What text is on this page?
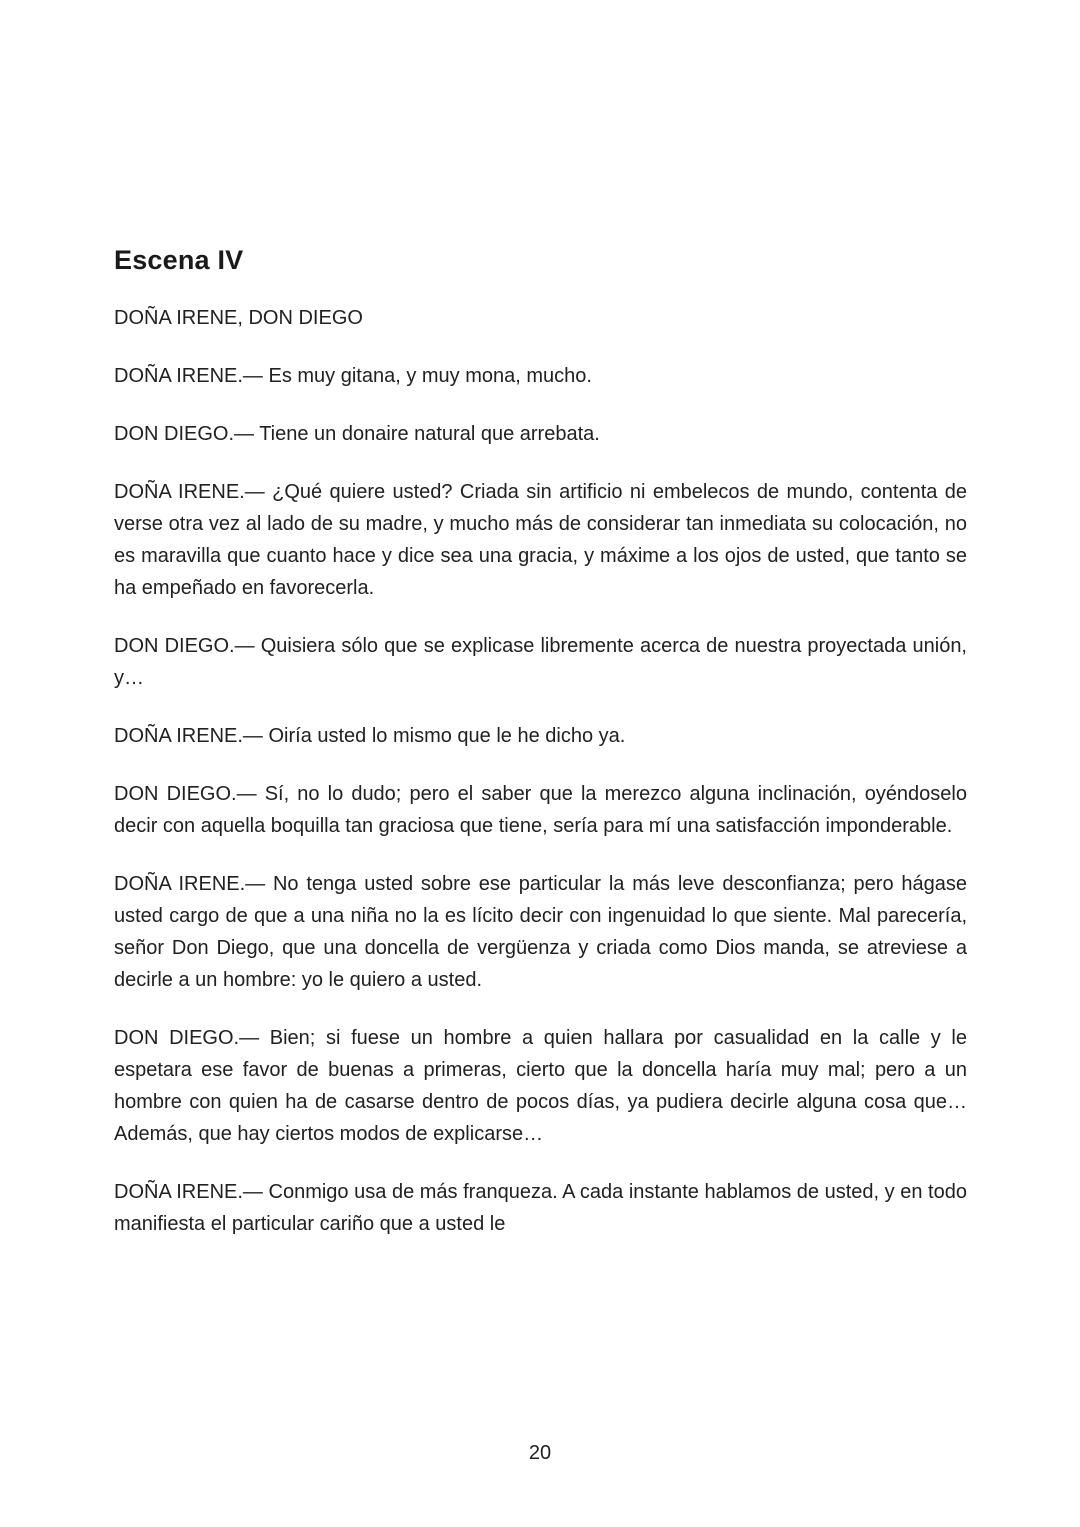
Escena IV

DOÑA IRENE, DON DIEGO

DOÑA IRENE.— Es muy gitana, y muy mona, mucho.

DON DIEGO.— Tiene un donaire natural que arrebata.

DOÑA IRENE.— ¿Qué quiere usted? Criada sin artificio ni embelecos de mundo, contenta de verse otra vez al lado de su madre, y mucho más de considerar tan inmediata su colocación, no es maravilla que cuanto hace y dice sea una gracia, y máxime a los ojos de usted, que tanto se ha empeñado en favorecerla.

DON DIEGO.— Quisiera sólo que se explicase libremente acerca de nuestra proyectada unión, y…

DOÑA IRENE.— Oiría usted lo mismo que le he dicho ya.

DON DIEGO.— Sí, no lo dudo; pero el saber que la merezco alguna inclinación, oyéndoselo decir con aquella boquilla tan graciosa que tiene, sería para mí una satisfacción imponderable.

DOÑA IRENE.— No tenga usted sobre ese particular la más leve desconfianza; pero hágase usted cargo de que a una niña no la es lícito decir con ingenuidad lo que siente. Mal parecería, señor Don Diego, que una doncella de vergüenza y criada como Dios manda, se atreviese a decirle a un hombre: yo le quiero a usted.

DON DIEGO.— Bien; si fuese un hombre a quien hallara por casualidad en la calle y le espetara ese favor de buenas a primeras, cierto que la doncella haría muy mal; pero a un hombre con quien ha de casarse dentro de pocos días, ya pudiera decirle alguna cosa que… Además, que hay ciertos modos de explicarse…

DOÑA IRENE.— Conmigo usa de más franqueza. A cada instante hablamos de usted, y en todo manifiesta el particular cariño que a usted le

20
